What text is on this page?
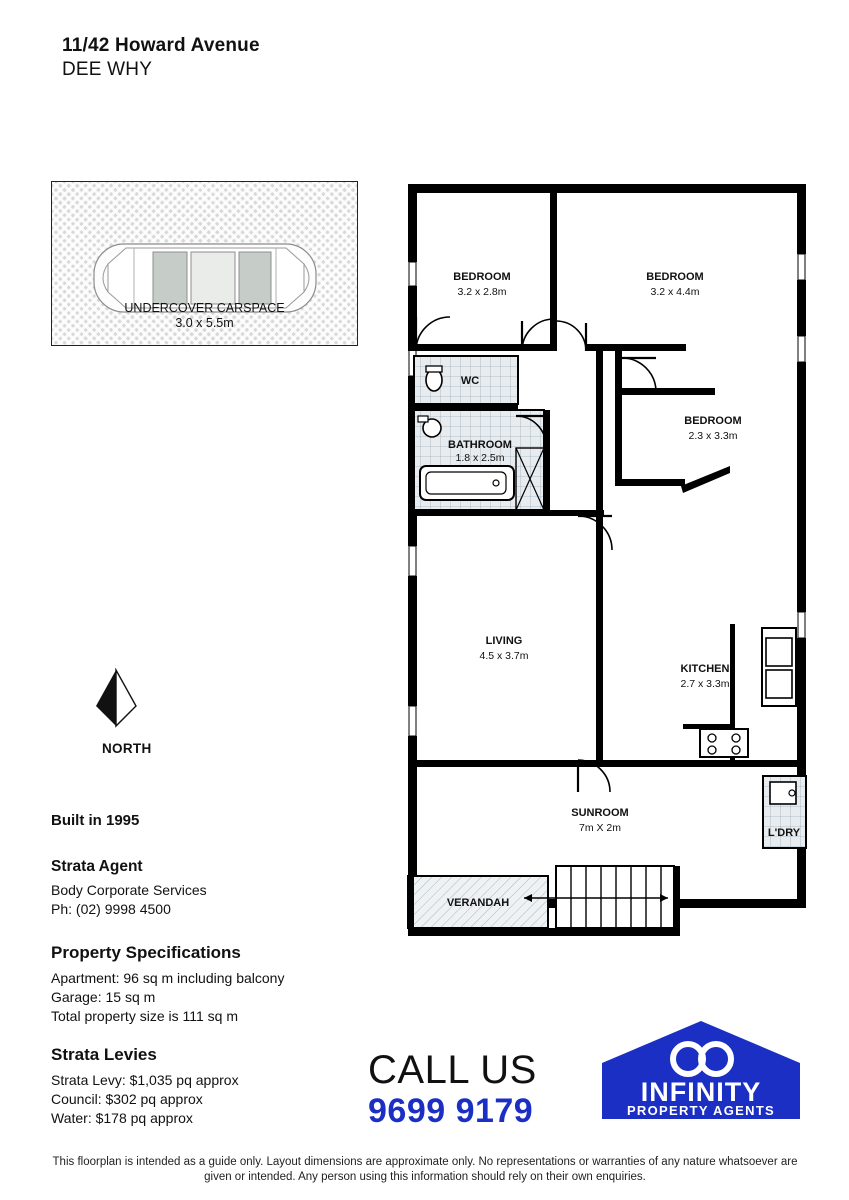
11/42 Howard Avenue
DEE WHY
UNDERCOVER CARSPACE
3.0 x 5.5m
NORTH
Built in 1995
Strata Agent
Body Corporate Services
Ph: (02) 9998 4500
Property Specifications
Apartment: 96 sq m including balcony
Garage: 15 sq m
Total property size is 111 sq m
Strata Levies
Strata Levy: $1,035 pq approx
Council: $302 pq approx
Water: $178 pq approx
CALL US
9699 9179	INFINITY
PROPERTY AGENTS
This floorplan is intended as a guide only. Layout dimensions are approximate only. No representations or warranties of any nature whatsoever are given or intended. Any person using this information should rely on their own enquiries.
WC
BATHROOM
1.8 x 2.5m
BEDROOM
3.2 x 2.8m
BEDROOM
3.2 x 4.4m
BEDROOM
2.3 x 3.3m
LIVING
4.5 x 3.7m
KITCHEN
2.7 x 3.3m
SUNROOM
7m X 2m	L'DRY
VERANDAH
